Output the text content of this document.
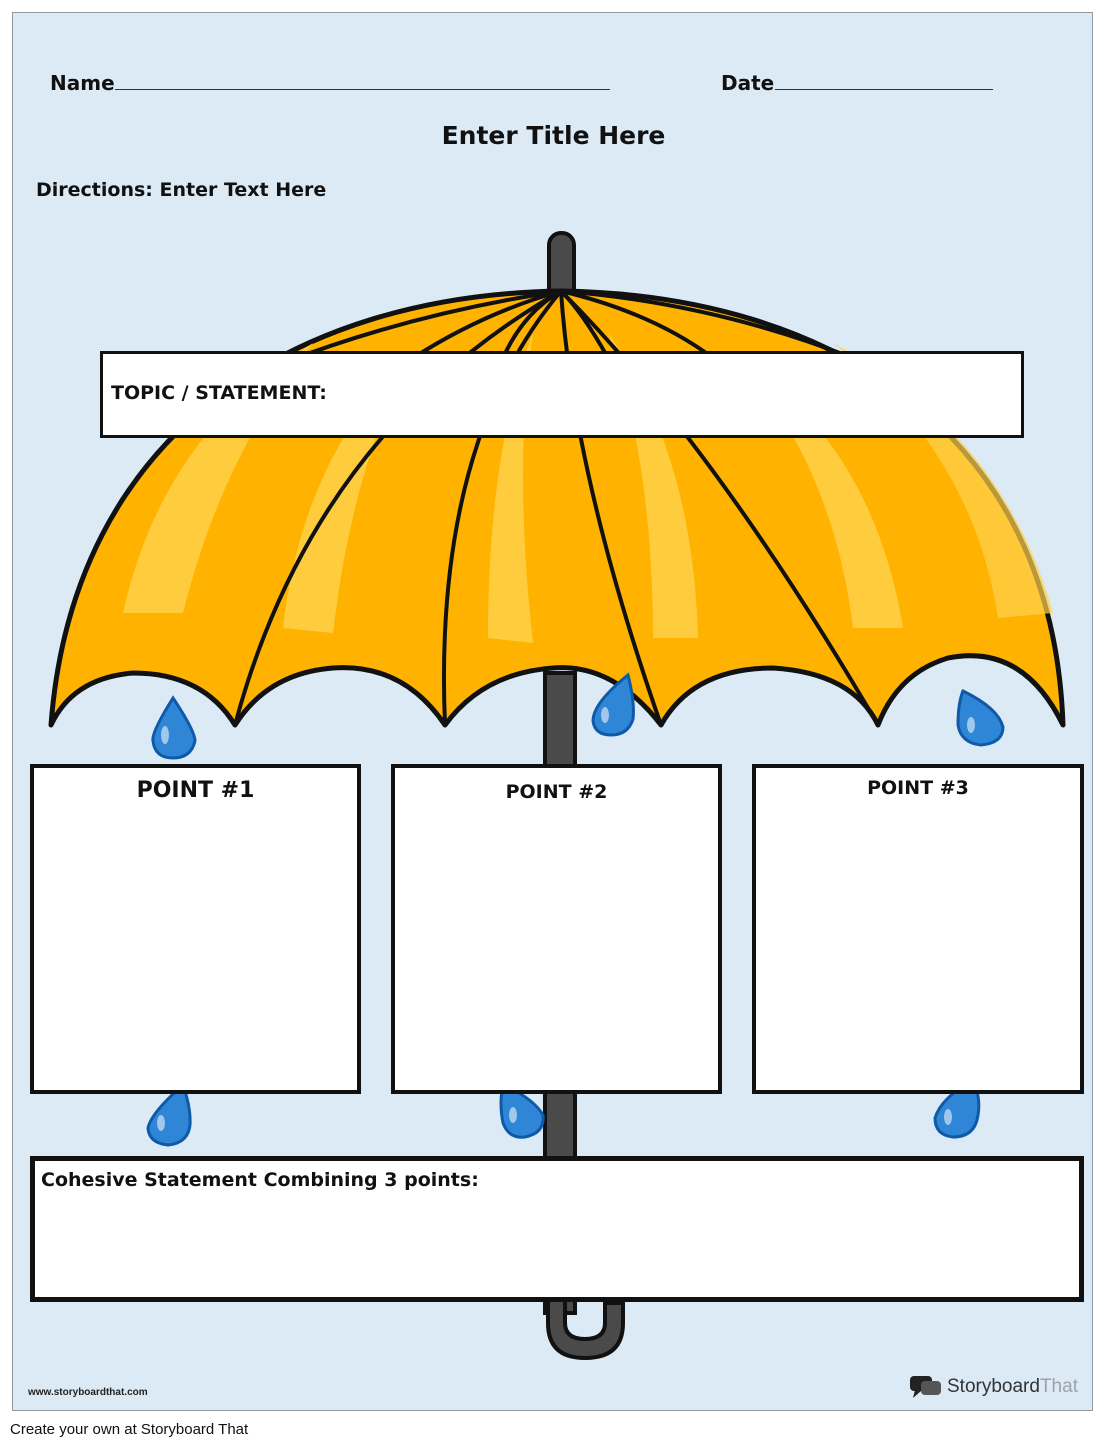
Name	Date
Enter Title Here
Directions: Enter Text Here
TOPIC / STATEMENT:
POINT #1	POINT #2	POINT #3
Cohesive Statement Combining 3 points:
www.storyboardthat.com	StoryboardThat
Create your own at Storyboard That
